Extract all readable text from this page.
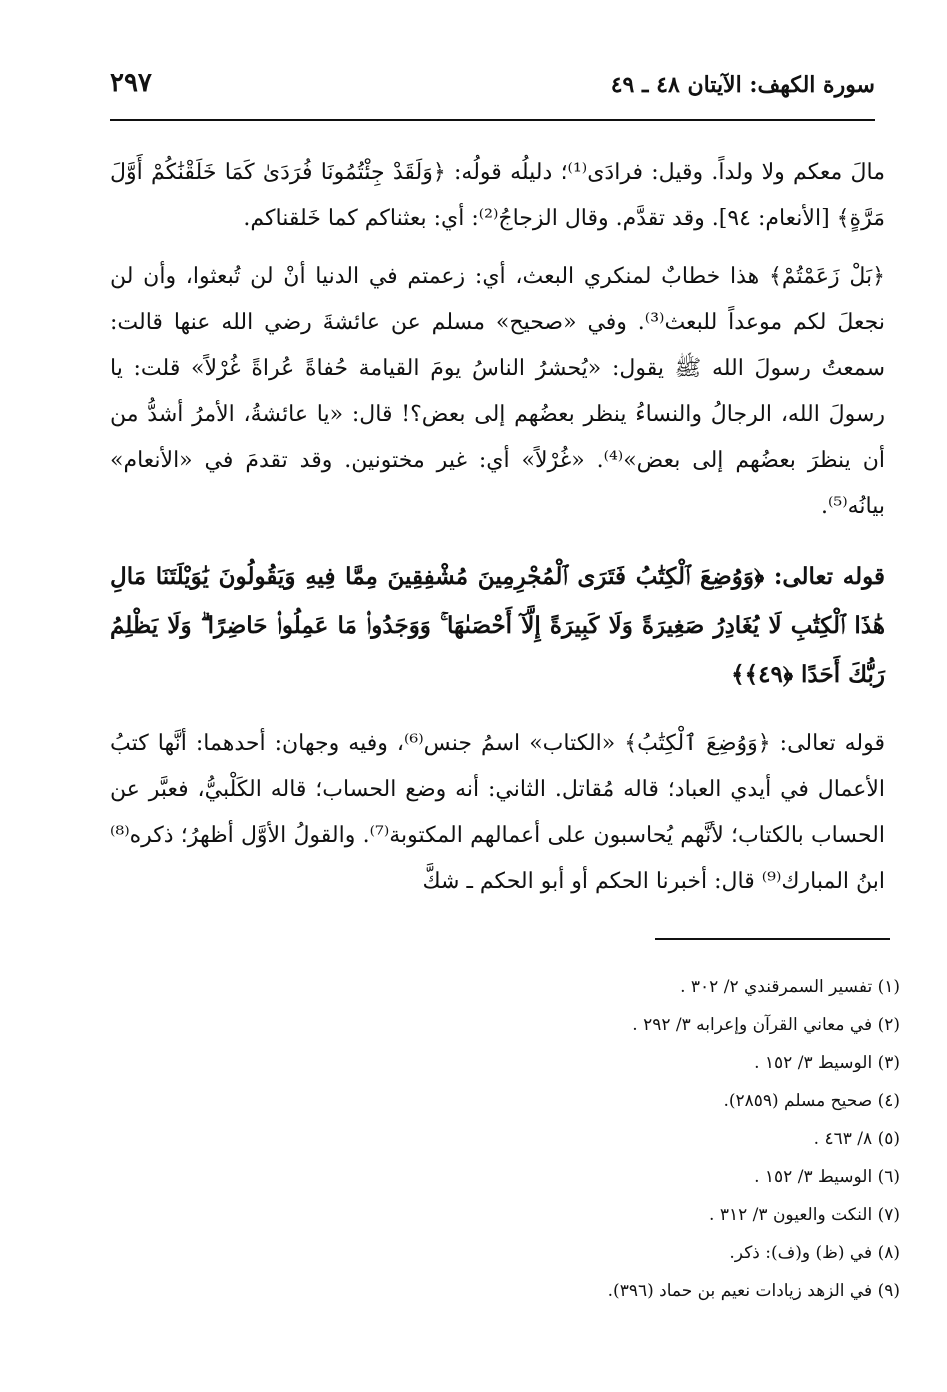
سورة الكهف: الآيتان ٤٨ ـ ٤٩
٢٩٧

مالَ معكم ولا ولداً. وقيل: فرادَى⁽¹⁾؛ دليلُه قولُه: ﴿وَلَقَدْ جِئْتُمُونَا فُرَدَىٰ كَمَا خَلَقْنَٰكُمْ أَوَّلَ مَرَّةٍ﴾ [الأنعام: ٩٤]. وقد تقدَّم. وقال الزجاجُ⁽²⁾: أي: بعثناكم كما خَلقناكم.

﴿بَلْ زَعَمْتُمْ﴾ هذا خطابٌ لمنكري البعث، أي: زعمتم في الدنيا أنْ لن تُبعثوا، وأن لن نجعلَ لكم موعداً للبعث⁽³⁾. وفي «صحيح» مسلم عن عائشةَ رضي الله عنها قالت: سمعتُ رسولَ الله ﷺ يقول: «يُحشرُ الناسُ يومَ القيامة حُفاةً عُراةً غُرْلاً» قلت: يا رسولَ الله، الرجالُ والنساءُ ينظر بعضُهم إلى بعض؟! قال: «يا عائشةُ، الأمرُ أشدُّ من أن ينظرَ بعضُهم إلى بعض»⁽⁴⁾. «غُرْلاً» أي: غير مختونين. وقد تقدمَ في «الأنعام» بيانُه⁽⁵⁾.

قوله تعالى: ﴿وَوُضِعَ ٱلْكِتَٰبُ فَتَرَى ٱلْمُجْرِمِينَ مُشْفِقِينَ مِمَّا فِيهِ وَيَقُولُونَ يَٰوَيْلَتَنَا مَالِ هَٰذَا ٱلْكِتَٰبِ لَا يُغَادِرُ صَغِيرَةً وَلَا كَبِيرَةً إِلَّآ أَحْصَىٰهَا ۚ وَوَجَدُوا۟ مَا عَمِلُوا۟ حَاضِرًا ۗ وَلَا يَظْلِمُ رَبُّكَ أَحَدًا ﴿٤٩﴾﴾

قوله تعالى: ﴿وَوُضِعَ ٱلْكِتَٰبُ﴾ «الكتاب» اسمُ جنس⁽⁶⁾، وفيه وجهان: أحدهما: أنَّها كتبُ الأعمال في أيدي العباد؛ قاله مُقاتل. الثاني: أنه وضع الحساب؛ قاله الكَلْبيُّ، فعبَّر عن الحساب بالكتاب؛ لأنَّهم يُحاسبون على أعمالهم المكتوبة⁽⁷⁾. والقولُ الأوَّل أظهرُ؛ ذكره⁽⁸⁾ ابنُ المبارك⁽⁹⁾ قال: أخبرنا الحكم أو أبو الحكم ـ شكَّ

(١) تفسير السمرقندي ٢/ ٣٠٢ .
(٢) في معاني القرآن وإعرابه ٣/ ٢٩٢ .
(٣) الوسيط ٣/ ١٥٢ .
(٤) صحيح مسلم (٢٨٥٩).
(٥) ٨/ ٤٦٣ .
(٦) الوسيط ٣/ ١٥٢ .
(٧) النكت والعيون ٣/ ٣١٢ .
(٨) في (ظ) و(ف): ذكر.
(٩) في الزهد زيادات نعيم بن حماد (٣٩٦).
